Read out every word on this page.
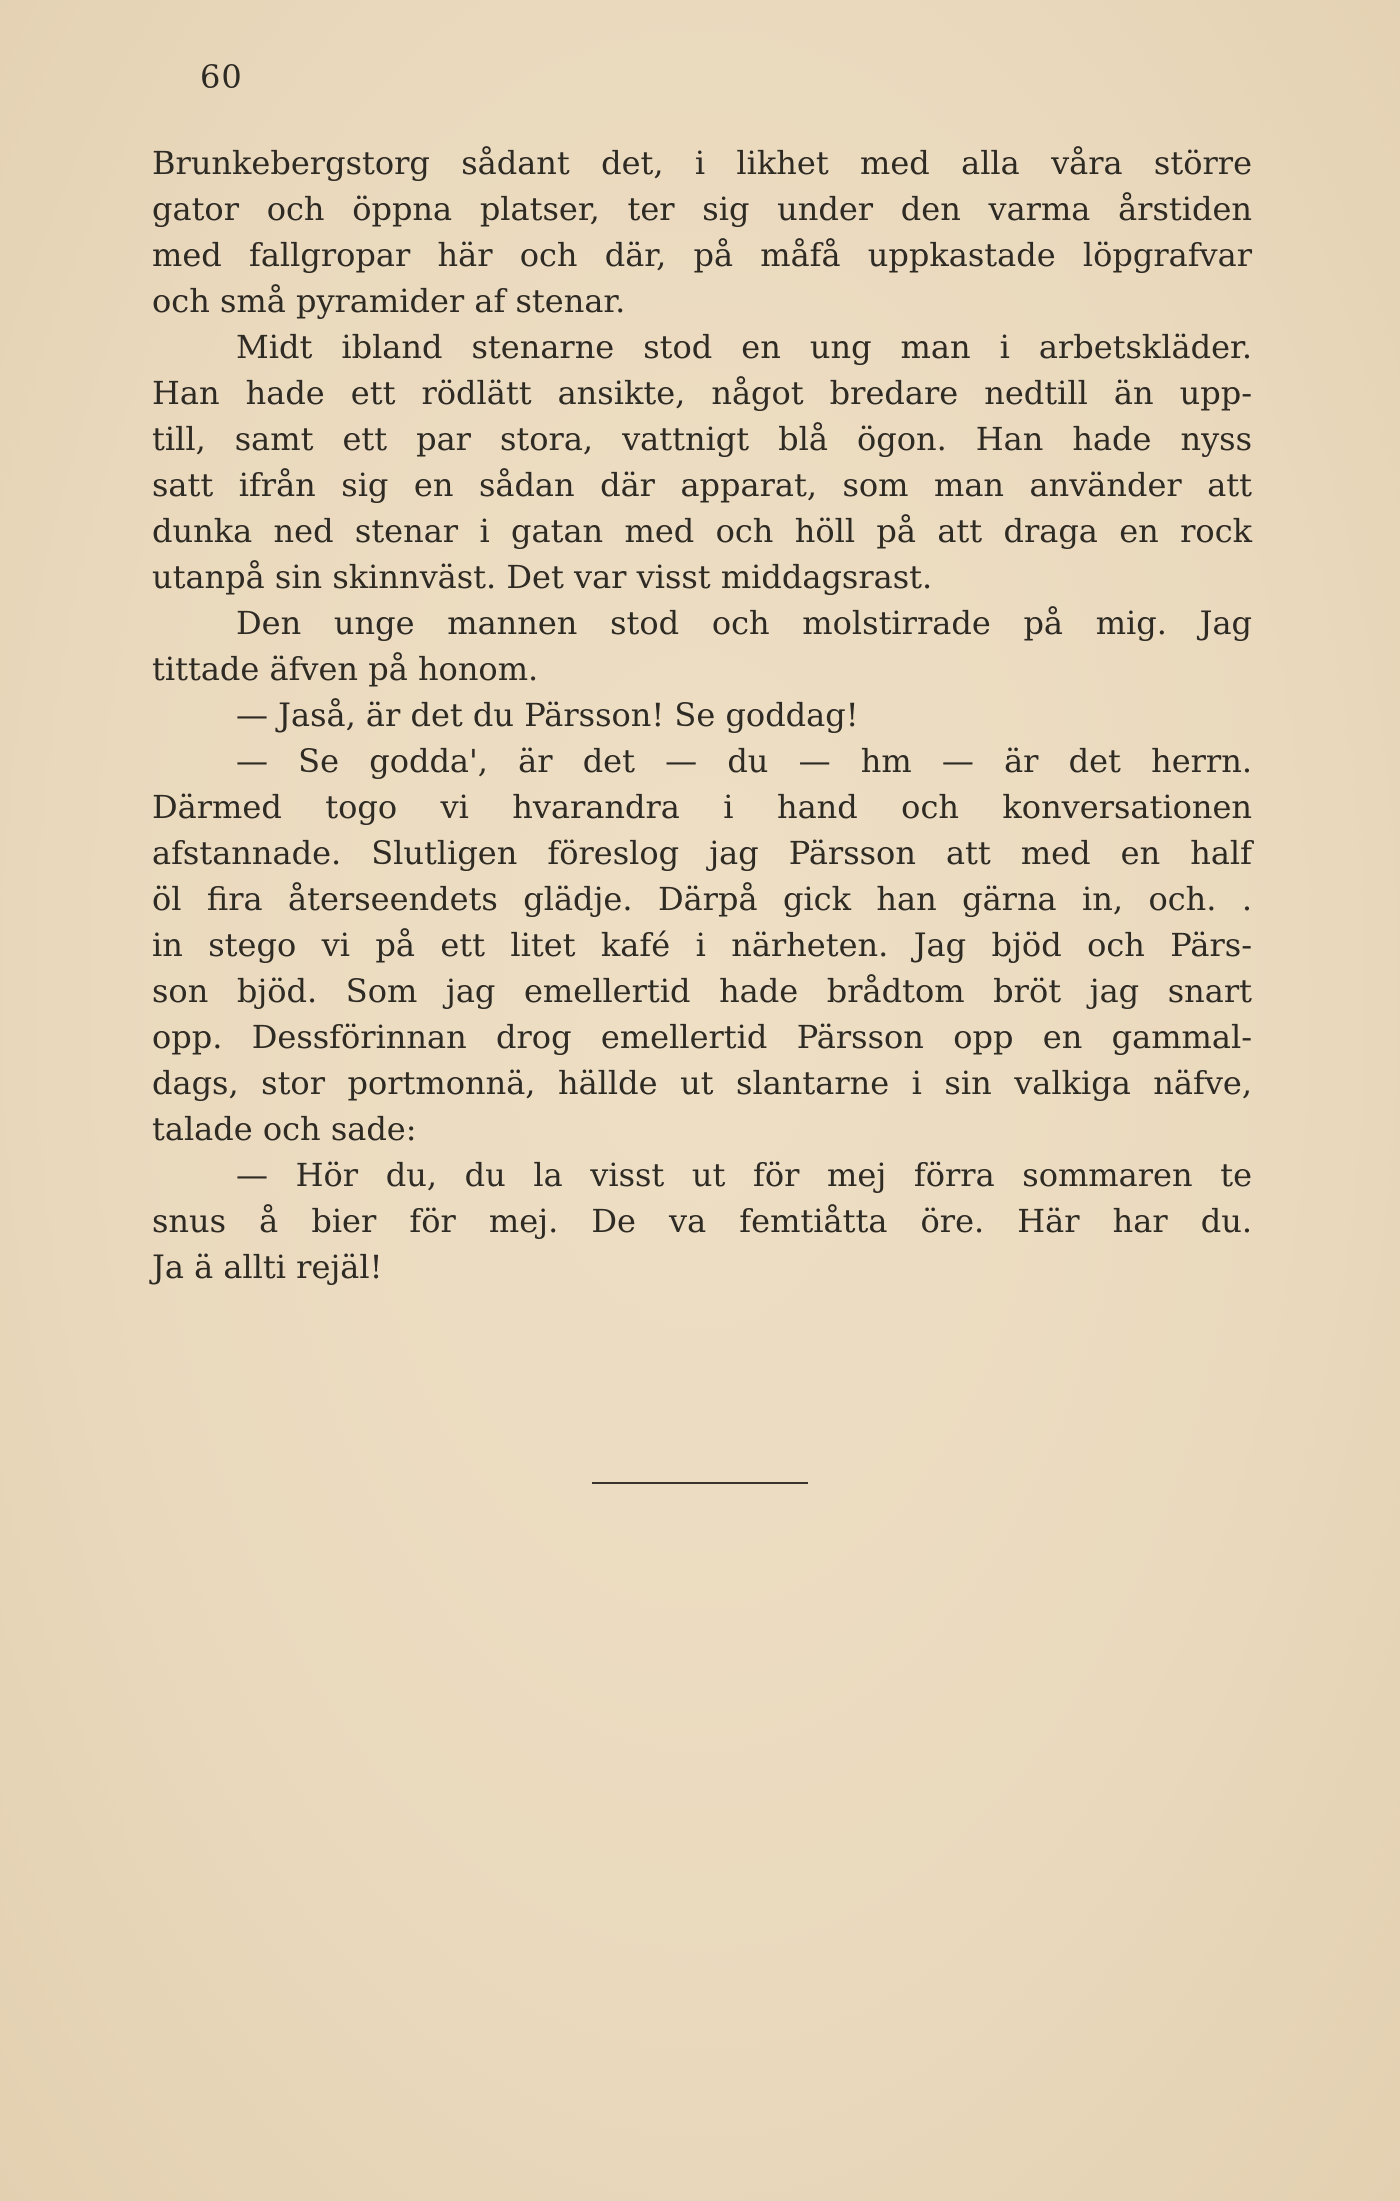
60
Brunkebergstorg sådant det, i likhet med alla våra större
gator och öppna platser, ter sig under den varma årstiden
med fallgropar här och där, på måfå uppkastade löpgrafvar
och små pyramider af stenar.
Midt ibland stenarne stod en ung man i arbetskläder.
Han hade ett rödlätt ansikte, något bredare nedtill än upp-
till, samt ett par stora, vattnigt blå ögon. Han hade nyss
satt ifrån sig en sådan där apparat, som man använder att
dunka ned stenar i gatan med och höll på att draga en rock
utanpå sin skinnväst. Det var visst middagsrast.
Den unge mannen stod och molstirrade på mig. Jag
tittade äfven på honom.
— Jaså, är det du Pärsson! Se goddag!
— Se godda', är det — du — hm — är det herrn.
Därmed togo vi hvarandra i hand och konversationen
afstannade. Slutligen föreslog jag Pärsson att med en half
öl fira återseendets glädje. Därpå gick han gärna in, och. .
in stego vi på ett litet kafé i närheten. Jag bjöd och Pärs-
son bjöd. Som jag emellertid hade brådtom bröt jag snart
opp. Dessförinnan drog emellertid Pärsson opp en gammal-
dags, stor portmonnä, hällde ut slantarne i sin valkiga näfve,
talade och sade:
— Hör du, du la visst ut för mej förra sommaren te
snus å bier för mej. De va femtiåtta öre. Här har du.
Ja ä allti rejäl!
